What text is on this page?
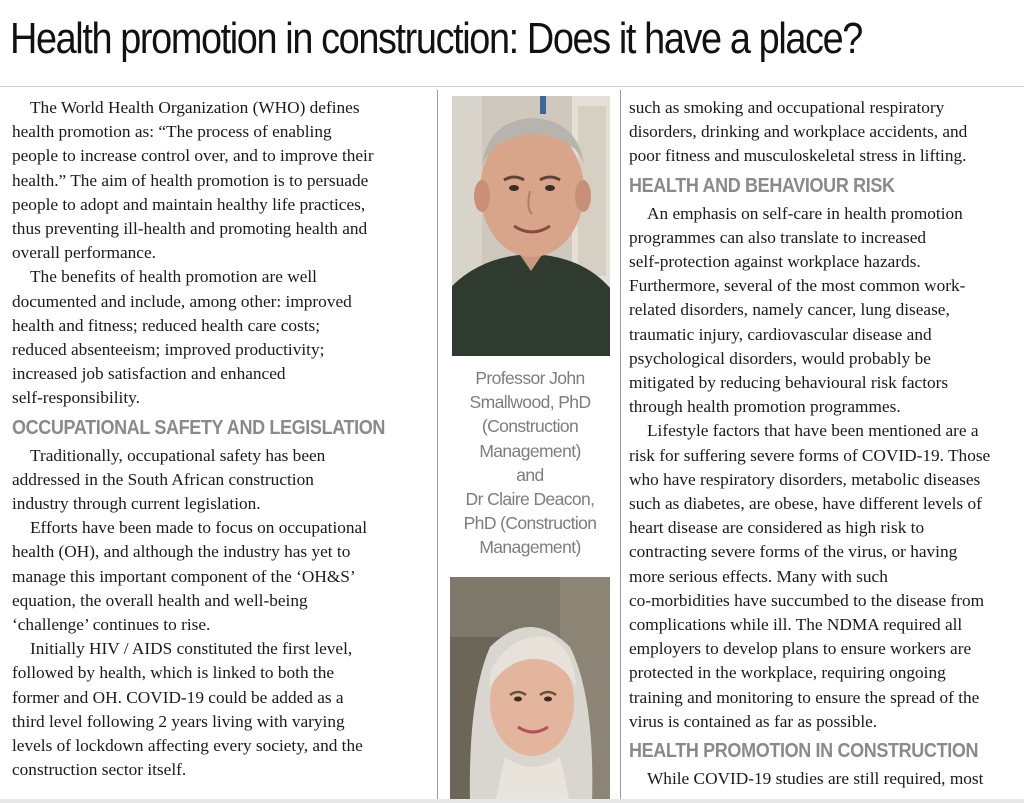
Health promotion in construction: Does it have a place?
The World Health Organization (WHO) defines
health promotion as: “The process of enabling
people to increase control over, and to improve their
health.” The aim of health promotion is to persuade
people to adopt and maintain healthy life practices,
thus preventing ill-health and promoting health and
overall performance.
The benefits of health promotion are well
documented and include, among other: improved
health and fitness; reduced health care costs;
reduced absenteeism; improved productivity;
increased job satisfaction and enhanced
self-responsibility.
OCCUPATIONAL SAFETY AND LEGISLATION
Traditionally, occupational safety has been
addressed in the South African construction
industry through current legislation.
Efforts have been made to focus on occupational
health (OH), and although the industry has yet to
manage this important component of the ‘OH&S’
equation, the overall health and well-being
‘challenge’ continues to rise.
Initially HIV / AIDS constituted the first level,
followed by health, which is linked to both the
former and OH. COVID-19 could be added as a
third level following 2 years living with varying
levels of lockdown affecting every society, and the
construction sector itself.
Professor John
Smallwood, PhD
(Construction
Management)
and
Dr Claire Deacon,
PhD (Construction
Management)
such as smoking and occupational respiratory
disorders, drinking and workplace accidents, and
poor fitness and musculoskeletal stress in lifting.
HEALTH AND BEHAVIOUR RISK
An emphasis on self-care in health promotion
programmes can also translate to increased
self-protection against workplace hazards.
Furthermore, several of the most common work-
related disorders, namely cancer, lung disease,
traumatic injury, cardiovascular disease and
psychological disorders, would probably be
mitigated by reducing behavioural risk factors
through health promotion programmes.
Lifestyle factors that have been mentioned are a
risk for suffering severe forms of COVID-19. Those
who have respiratory disorders, metabolic diseases
such as diabetes, are obese, have different levels of
heart disease are considered as high risk to
contracting severe forms of the virus, or having
more serious effects. Many with such
co-morbidities have succumbed to the disease from
complications while ill. The NDMA required all
employers to develop plans to ensure workers are
protected in the workplace, requiring ongoing
training and monitoring to ensure the spread of the
virus is contained as far as possible.
HEALTH PROMOTION IN CONSTRUCTION
While COVID-19 studies are still required, most
